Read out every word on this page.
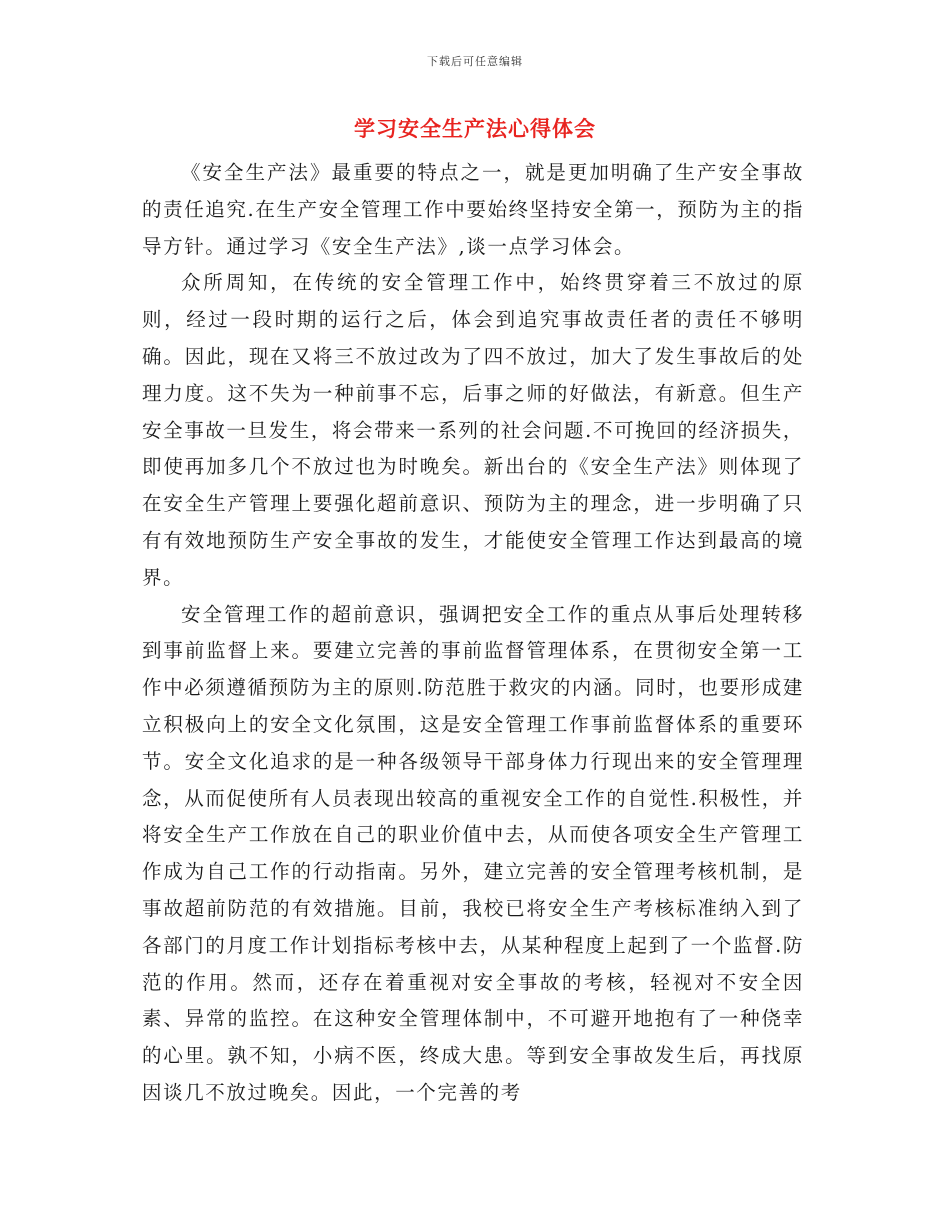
下载后可任意编辑
学习安全生产法心得体会

《安全生产法》最重要的特点之一，就是更加明确了生产安全事故的责任追究.在生产安全管理工作中要始终坚持安全第一，预防为主的指导方针。通过学习《安全生产法》,谈一点学习体会。

众所周知，在传统的安全管理工作中，始终贯穿着三不放过的原则，经过一段时期的运行之后，体会到追究事故责任者的责任不够明确。因此，现在又将三不放过改为了四不放过，加大了发生事故后的处理力度。这不失为一种前事不忘，后事之师的好做法，有新意。但生产安全事故一旦发生，将会带来一系列的社会问题.不可挽回的经济损失，即使再加多几个不放过也为时晚矣。新出台的《安全生产法》则体现了在安全生产管理上要强化超前意识、预防为主的理念，进一步明确了只有有效地预防生产安全事故的发生，才能使安全管理工作达到最高的境界。

安全管理工作的超前意识，强调把安全工作的重点从事后处理转移到事前监督上来。要建立完善的事前监督管理体系，在贯彻安全第一工作中必须遵循预防为主的原则.防范胜于救灾的内涵。同时，也要形成建立积极向上的安全文化氛围，这是安全管理工作事前监督体系的重要环节。安全文化追求的是一种各级领导干部身体力行现出来的安全管理理念，从而促使所有人员表现出较高的重视安全工作的自觉性.积极性，并将安全生产工作放在自己的职业价值中去，从而使各项安全生产管理工作成为自己工作的行动指南。另外，建立完善的安全管理考核机制，是事故超前防范的有效措施。目前，我校已将安全生产考核标准纳入到了各部门的月度工作计划指标考核中去，从某种程度上起到了一个监督.防范的作用。然而，还存在着重视对安全事故的考核，轻视对不安全因素、异常的监控。在这种安全管理体制中，不可避开地抱有了一种侥幸的心里。孰不知，小病不医，终成大患。等到安全事故发生后，再找原因谈几不放过晚矣。因此，一个完善的考
